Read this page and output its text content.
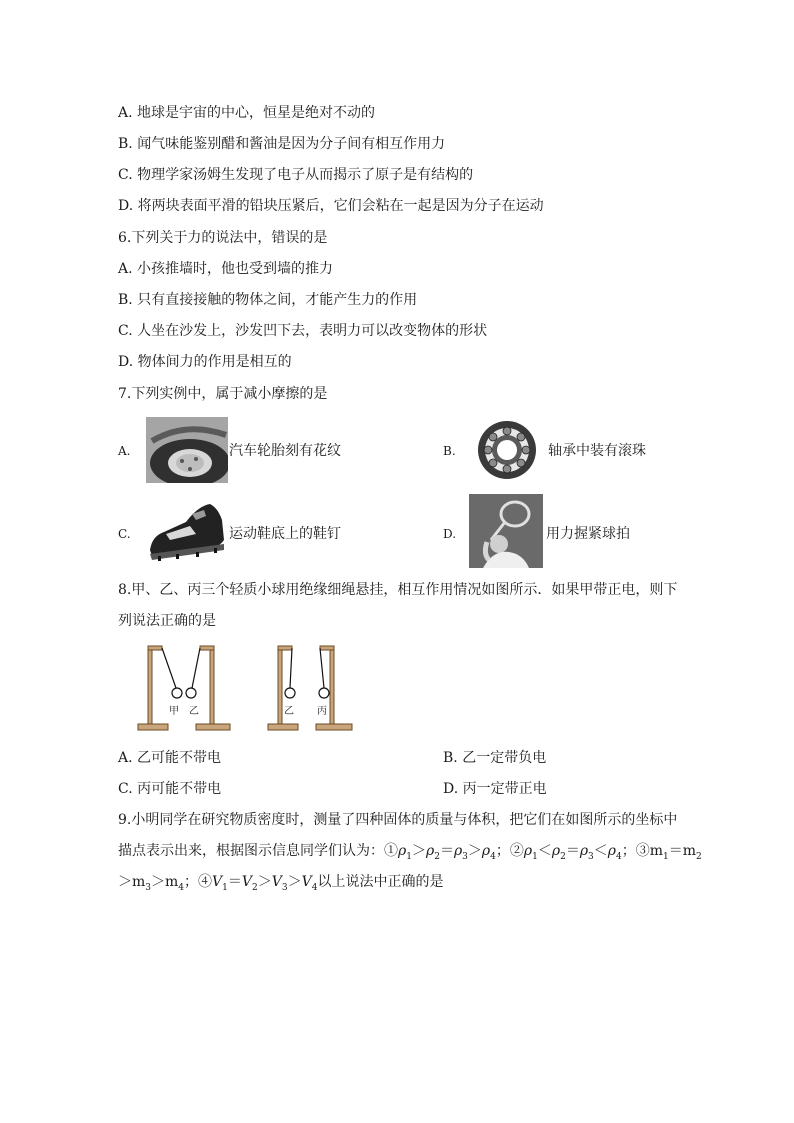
A. 地球是宇宙的中心，恒星是绝对不动的
B. 闻气味能鉴别醋和酱油是因为分子间有相互作用力
C. 物理学家汤姆生发现了电子从而揭示了原子是有结构的
D. 将两块表面平滑的铅块压紧后，它们会粘在一起是因为分子在运动
6.下列关于力的说法中，错误的是
A. 小孩推墙时，他也受到墙的推力
B. 只有直接接触的物体之间，才能产生力的作用
C. 人坐在沙发上，沙发凹下去，表明力可以改变物体的形状
D. 物体间力的作用是相互的
7.下列实例中，属于减小摩擦的是
A.	汽车轮胎刻有花纹	B.	轴承中装有滚珠
C.	运动鞋底上的鞋钉	D.	用力握紧球拍
8.甲、乙、丙三个轻质小球用绝缘细绳悬挂，相互作用情况如图所示．如果甲带正电，则下
列说法正确的是
甲 乙	乙 丙
A. 乙可能不带电	B. 乙一定带负电
C. 丙可能不带电	D. 丙一定带正电
9.小明同学在研究物质密度时，测量了四种固体的质量与体积，把它们在如图所示的坐标中
描点表示出来，根据图示信息同学们认为：$①\rho_1>\rho_2=\rho_3>\rho_4$；$②\rho_1<\rho_2=\rho_3<\rho_4$；$③m_1=m_2$
$>m_3>m_4$；$④V_1=V_2>V_3>V_4$以上说法中正确的是
